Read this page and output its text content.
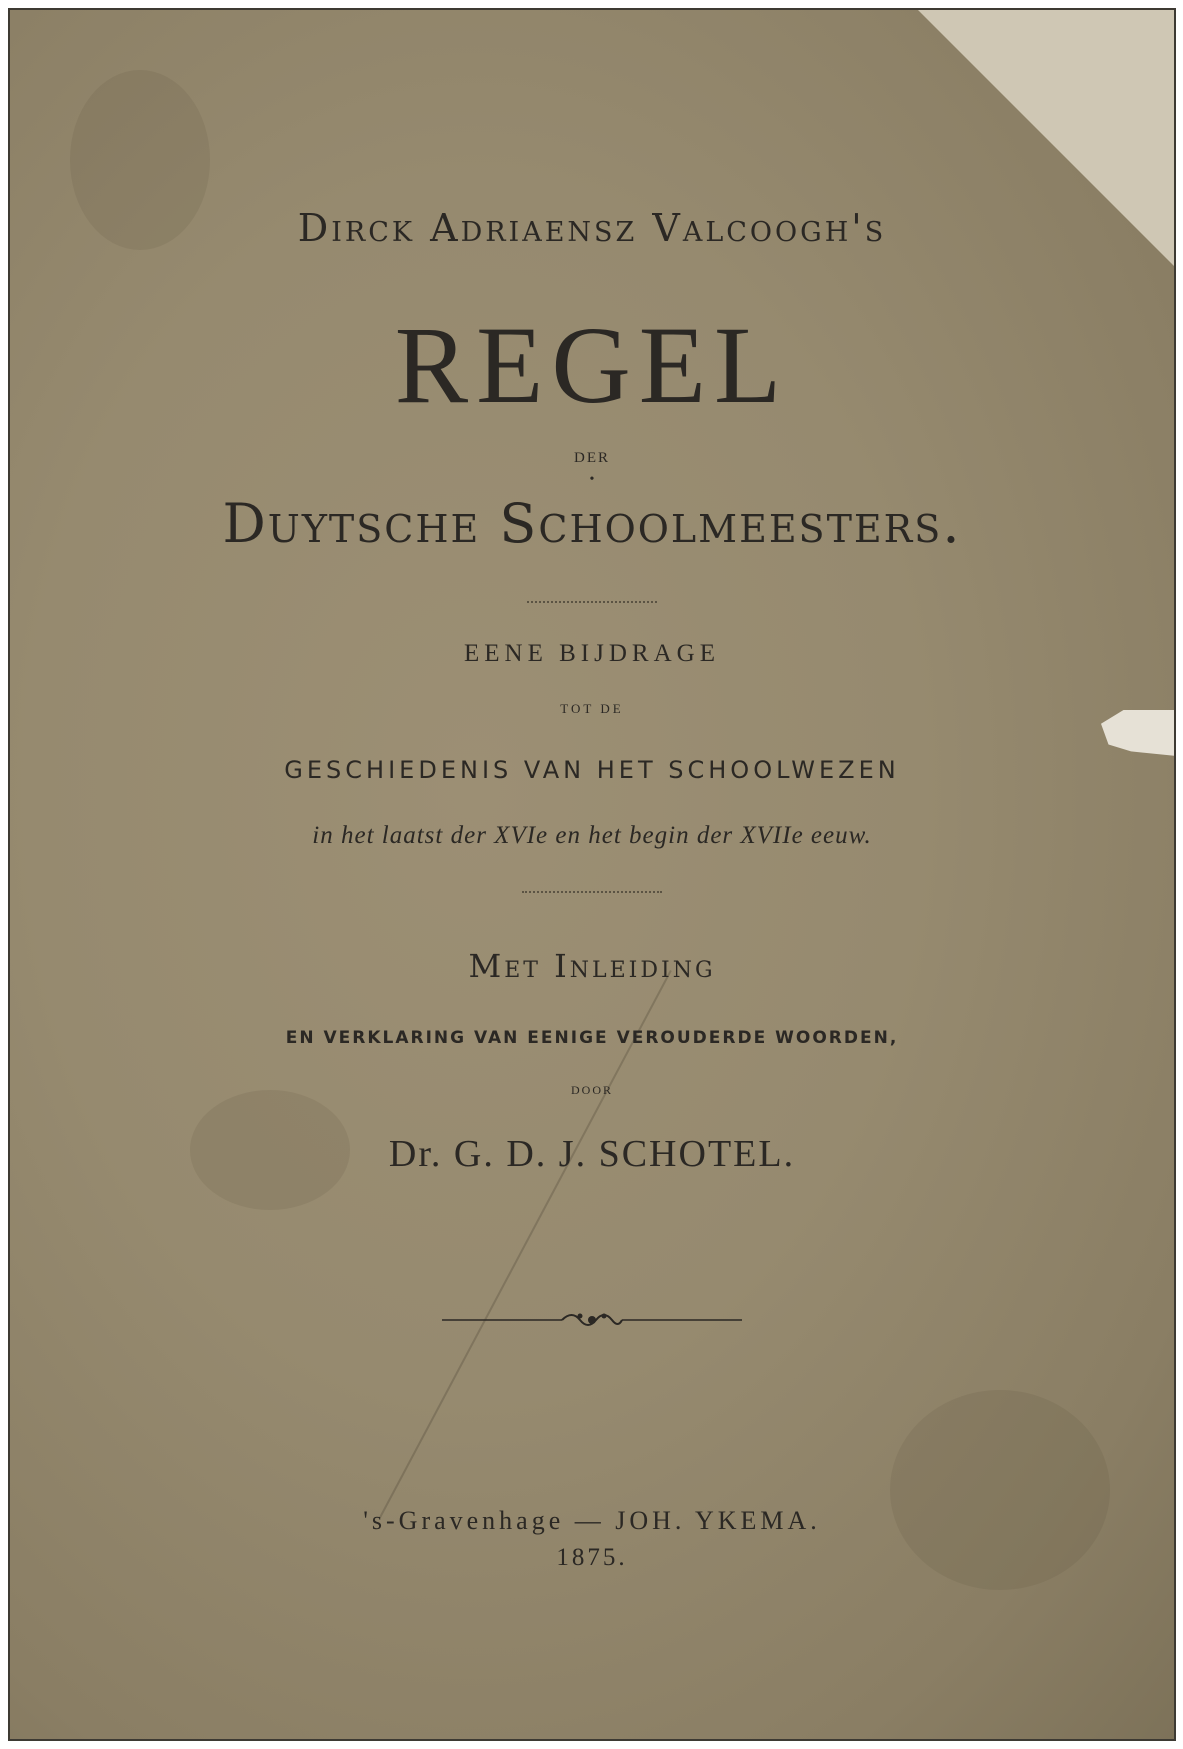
Dirck Adriaensz Valcoogh's
REGEL
DER
•
Duytsche Schoolmeesters.
EENE BIJDRAGE
TOT DE
GESCHIEDENIS VAN HET SCHOOLWEZEN
in het laatst der XVIe en het begin der XVIIe eeuw.
Met Inleiding
EN VERKLARING VAN EENIGE VEROUDERDE WOORDEN,
DOOR
Dr. G. D. J. SCHOTEL.
's-Gravenhage — JOH. YKEMA.
1875.
